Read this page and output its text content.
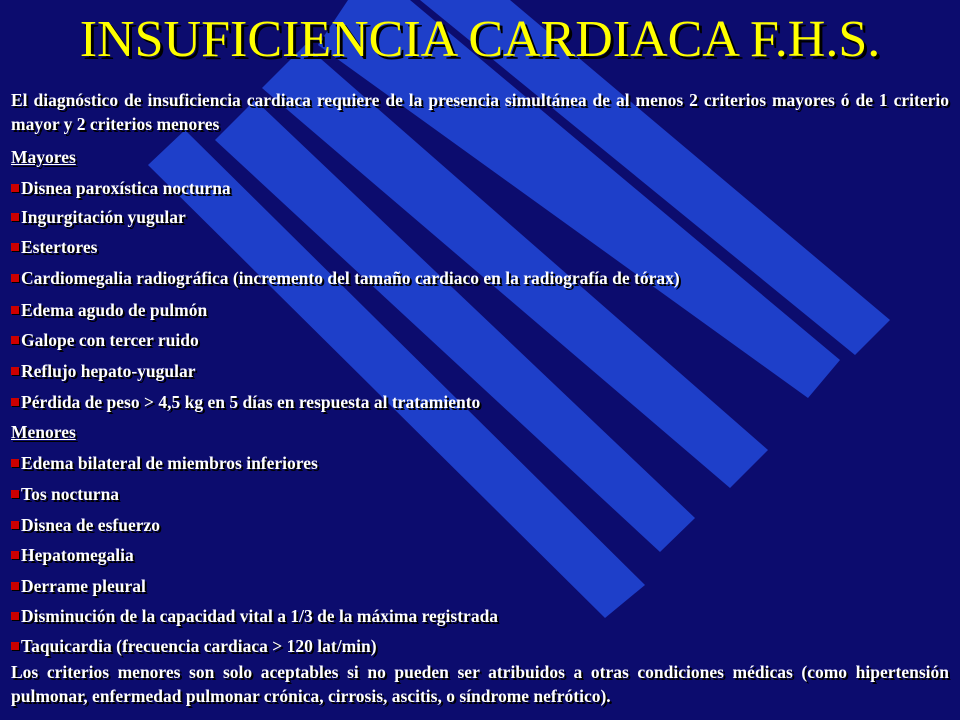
INSUFICIENCIA CARDIACA F.H.S.
El diagnóstico de insuficiencia cardiaca requiere de la presencia simultánea de al menos 2 criterios mayores ó de 1 criterio mayor y 2 criterios menores
Mayores
Disnea paroxística nocturna
Ingurgitación yugular
Estertores
Cardiomegalia radiográfica (incremento del tamaño cardiaco en la radiografía de tórax)
Edema agudo de pulmón
Galope con tercer ruido
Reflujo hepato-yugular
Pérdida de peso > 4,5 kg en 5 días en respuesta al tratamiento
Menores
Edema bilateral de miembros inferiores
Tos nocturna
Disnea de esfuerzo
Hepatomegalia
Derrame pleural
Disminución de la capacidad vital a 1/3 de la máxima registrada
Taquicardia (frecuencia cardiaca > 120 lat/min)
Los criterios menores son solo aceptables si no pueden ser atribuidos a otras condiciones médicas (como hipertensión pulmonar, enfermedad pulmonar crónica, cirrosis, ascitis, o síndrome nefrótico).
